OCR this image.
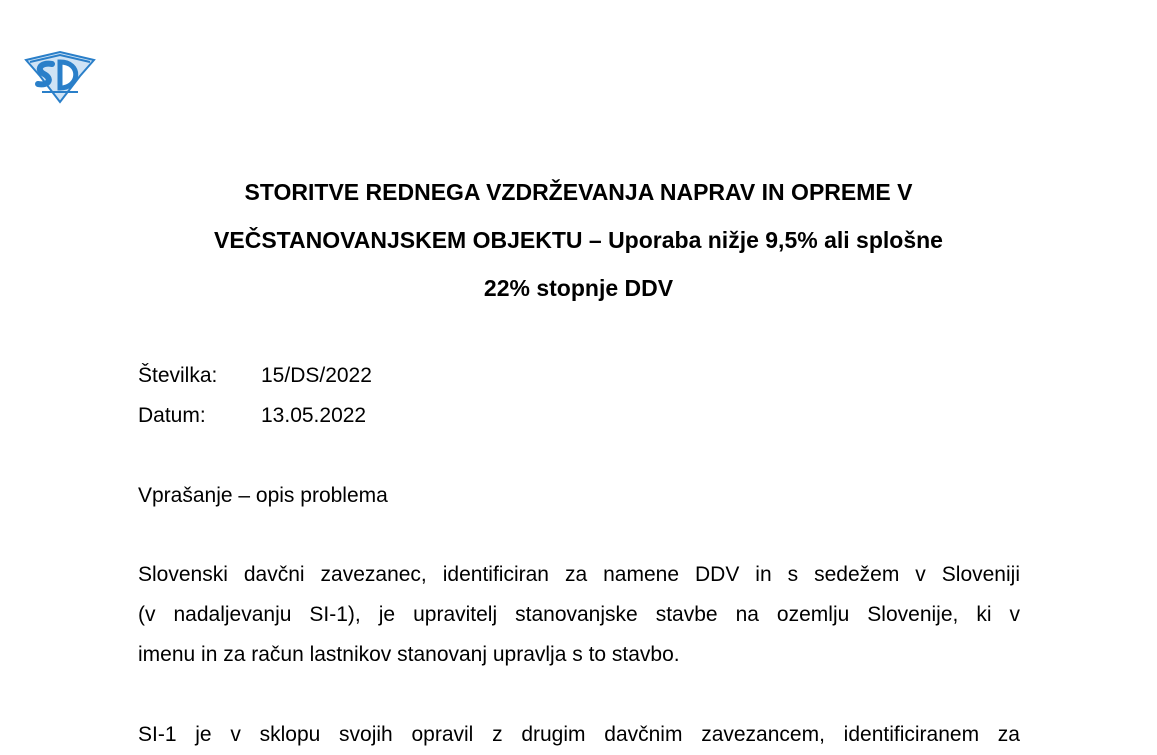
STORITVE REDNEGA VZDRŽEVANJA NAPRAV IN OPREME V
VEČSTANOVANJSKEM OBJEKTU – Uporaba nižje 9,5% ali splošne
22% stopnje DDV
Številka:	15/DS/2022
Datum:	13.05.2022
Vprašanje – opis problema
Slovenski davčni zavezanec, identificiran za namene DDV in s sedežem v Sloveniji
(v nadaljevanju SI-1), je upravitelj stanovanjske stavbe na ozemlju Slovenije, ki v
imenu in za račun lastnikov stanovanj upravlja s to stavbo.
SI-1 je v sklopu svojih opravil z drugim davčnim zavezancem, identificiranem za
